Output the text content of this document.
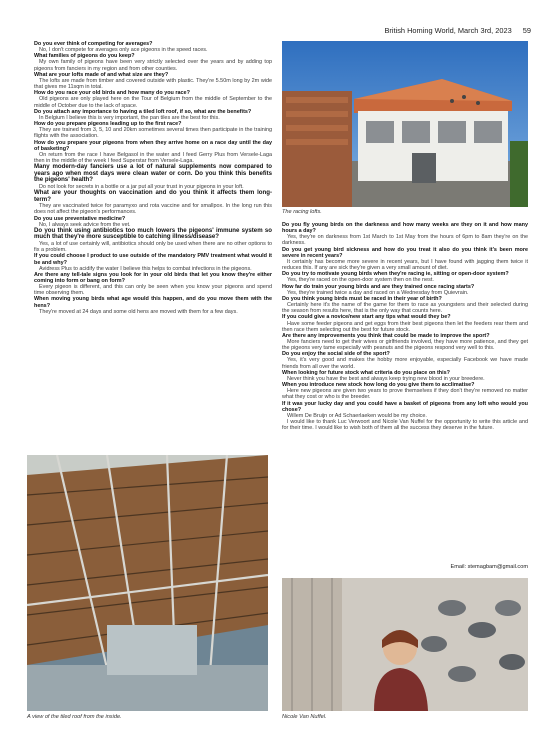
British Homing World, March 3rd, 2023 59
Do you ever think of competing for averages?
No, I don't compete for averages only ace pigeons in the speed races.
What families of pigeons do you keep?
My own family of pigeons have been very strictly selected over the years and by adding top pigeons from fanciers in my region and from other counties.
What are your lofts made of and what size are they?
The lofts are made from timber and covered outside with plastic. They're 5.50m long by 2m wide that gives me 11sqm in total.
How do you race your old birds and how many do you race?
Old pigeons are only played here on the Tour of Belgium from the middle of September to the middle of October due to the lack of space.
Do you attach any importance to having a tiled loft roof, if so, what are the benefits?
In Belgium I believe this is very important, the pan tiles are the best for this.
How do you prepare pigeons leading up to the first race?
They are trained from 3, 5, 10 and 20km sometimes several times then participate in the training flights with the association.
How do you prepare your pigeons from when they arrive home on a race day until the day of basketing?
On return from the race I have Belgasol in the water and I feed Gerry Plus from Versele-Laga then in the middle of the week I feed Superstar from Versele-Laga.
Many modern-day fanciers use a lot of natural supplements now compared to years ago when most days were clean water or corn. Do you think this benefits the pigeons' health?
Do not look for secrets in a bottle or a jar put all your trust in your pigeons in your loft.
What are your thoughts on vaccination and do you think it affects them long-term?
They are vaccinated twice for paramyxo and rota vaccine and for smallpox. In the long run this does not affect the pigeon's performances.
Do you use preventative medicine?
No, I always seek advice from the vet.
Do you think using antibiotics too much lowers the pigeons' immune system so much that they're more susceptible to catching illness/disease?
Yes, a lot of use certainly will, antibiotics should only be used when there are no other options to fix a problem.
If you could choose I product to use outside of the mandatory PMV treatment what would it be and why?
Avidress Plus to acidify the water I believe this helps to combat infections in the pigeons.
Are there any tell-tale signs you look for in your old birds that let you know they're either coming into form or bang on form?
Every pigeon is different, and this can only be seen when you know your pigeons and spend time observing them.
When moving young birds what age would this happen, and do you move them with the hens?
They're moved at 24 days and some old hens are moved with them for a few days.
Do you fly young birds on the darkness and how many weeks are they on it and how many hours a day?
Yes, they're on darkness from 1st March to 1st May from the hours of 6pm to 8am they're on the darkness.
Do you get young bird sickness and how do you treat it also do you think it's been more severe in recent years?
It certainly has become more severe in recent years, but I have found with jagging them twice it reduces this. If any are sick they're given a very small amount of diet.
Do you try to motivate young birds when they're racing ie, sitting or open-door system?
Yes, they're raced on the open-door system then on the nest.
How far do train your young birds and are they trained once racing starts?
Yes, they're trained twice a day and raced on a Wednesday from Quievrain.
Do you think young birds must be raced in their year of birth?
Certainly here it's the name of the game for them to race as youngsters and their selected during the season from results here, that is the only way that counts here.
If you could give a novice/new start any tips what would they be?
Have some feeder pigeons and get eggs from their best pigeons then let the feeders rear them and then race them selecting out the best for future stock.
Are there any improvements you think that could be made to improve the sport?
More fanciers need to get their wives or girlfriends involved, they have more patience, and they get the pigeons very tame especially with peanuts and the pigeons respond very well to this.
Do you enjoy the social side of the sport?
Yes, it's very good and makes the hobby more enjoyable, especially Facebook we have made friends from all over the world.
When looking for future stock what criteria do you place on this?
Never think you have the best and always keep trying new blood in your breedere.
When you introduce new stock how long do you give them to acclimatise?
Here new pigeons are given two years to prove themselves if they don't they're removed no matter what they cost or who is the breeder.
If it was your lucky day and you could have a basket of pigeons from any loft who would you chose?
Willem De Bruijn or Ad Schaerlaeken would be my choice.
I would like to thank Luc Verwoort and Nicole Van Nuffel for the opportunity to write this article and for their time. I would like to wish both of them all the success they deserve in the future.
Email: stemagbam@gmail.com
The racing lofts.
A view of the tiled roof from the inside.	Nicole Van Nuffel.
